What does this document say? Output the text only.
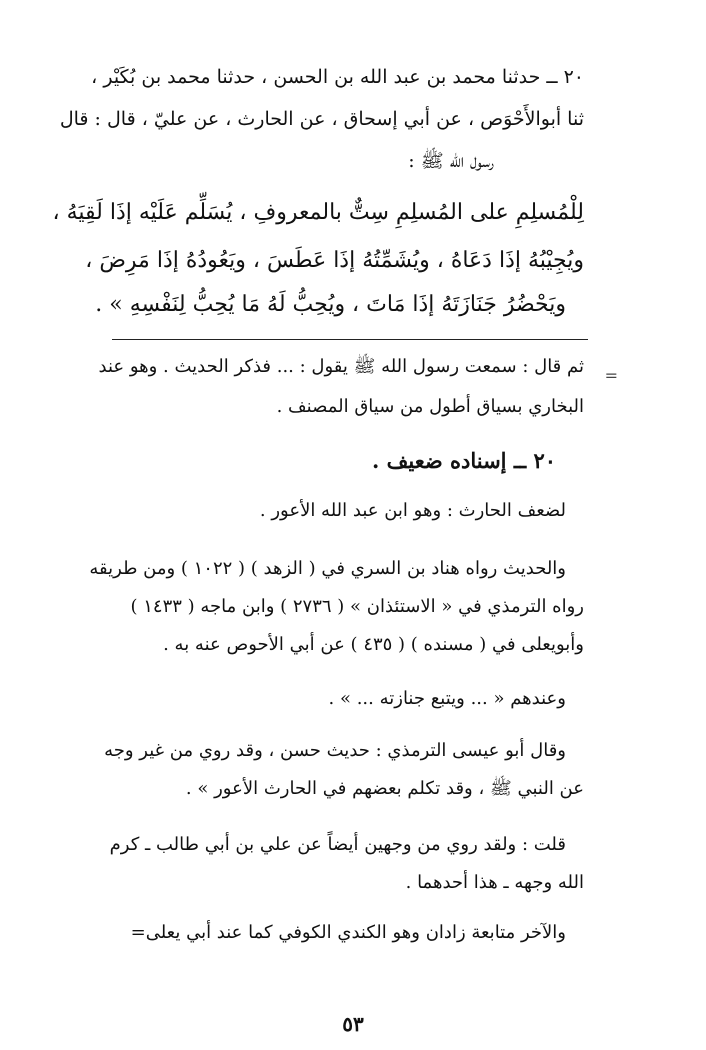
٢٠ ــ حدثنا محمد بن عبد الله بن الحسن ، حدثنا محمد بن بُكَيْر ،
ثنا أبوالأَحْوَص ، عن أبي إسحاق ، عن الحارث ، عن عليّ ، قال : قال
رسول الله ﷺ :
لِلْمُسلِمِ على المُسلِمِ سِتٌّ بالمعروفِ ، يُسَلِّم عَلَيْه إذَا لَقِيَهُ ،
ويُجِيْبُهُ إذَا دَعَاهُ ، ويُشَمِّتُهُ إذَا عَطَسَ ، ويَعُودُهُ إذَا مَرِضَ ،
ويَحْضُرُ جَنَازَتَهُ إذَا مَاتَ ، ويُحِبُّ لَهُ مَا يُحِبُّ لِنَفْسِهِ » .
=
ثم قال : سمعت رسول الله ﷺ يقول : ... فذكر الحديث . وهو عند
البخاري بسياق أطول من سياق المصنف .
٢٠ ــ إسناده ضعيف .
لضعف الحارث : وهو ابن عبد الله الأعور .
والحديث رواه هناد بن السري في ( الزهد ) ( ١٠٢٢ ) ومن طريقه
رواه الترمذي في « الاستئذان » ( ٢٧٣٦ ) وابن ماجه ( ١٤٣٣ )
وأبويعلى في ( مسنده ) ( ٤٣٥ ) عن أبي الأحوص عنه به .
وعندهم « ... ويتبع جنازته ... » .
وقال أبو عيسى الترمذي : حديث حسن ، وقد روي من غير وجه
عن النبي ﷺ ، وقد تكلم بعضهم في الحارث الأعور » .
قلت : ولقد روي من وجهين أيضاً عن علي بن أبي طالب ـ كرم
الله وجهه ـ هذا أحدهما .
والآخر متابعة زادان وهو الكندي الكوفي كما عند أبي يعلى=
٥٣
